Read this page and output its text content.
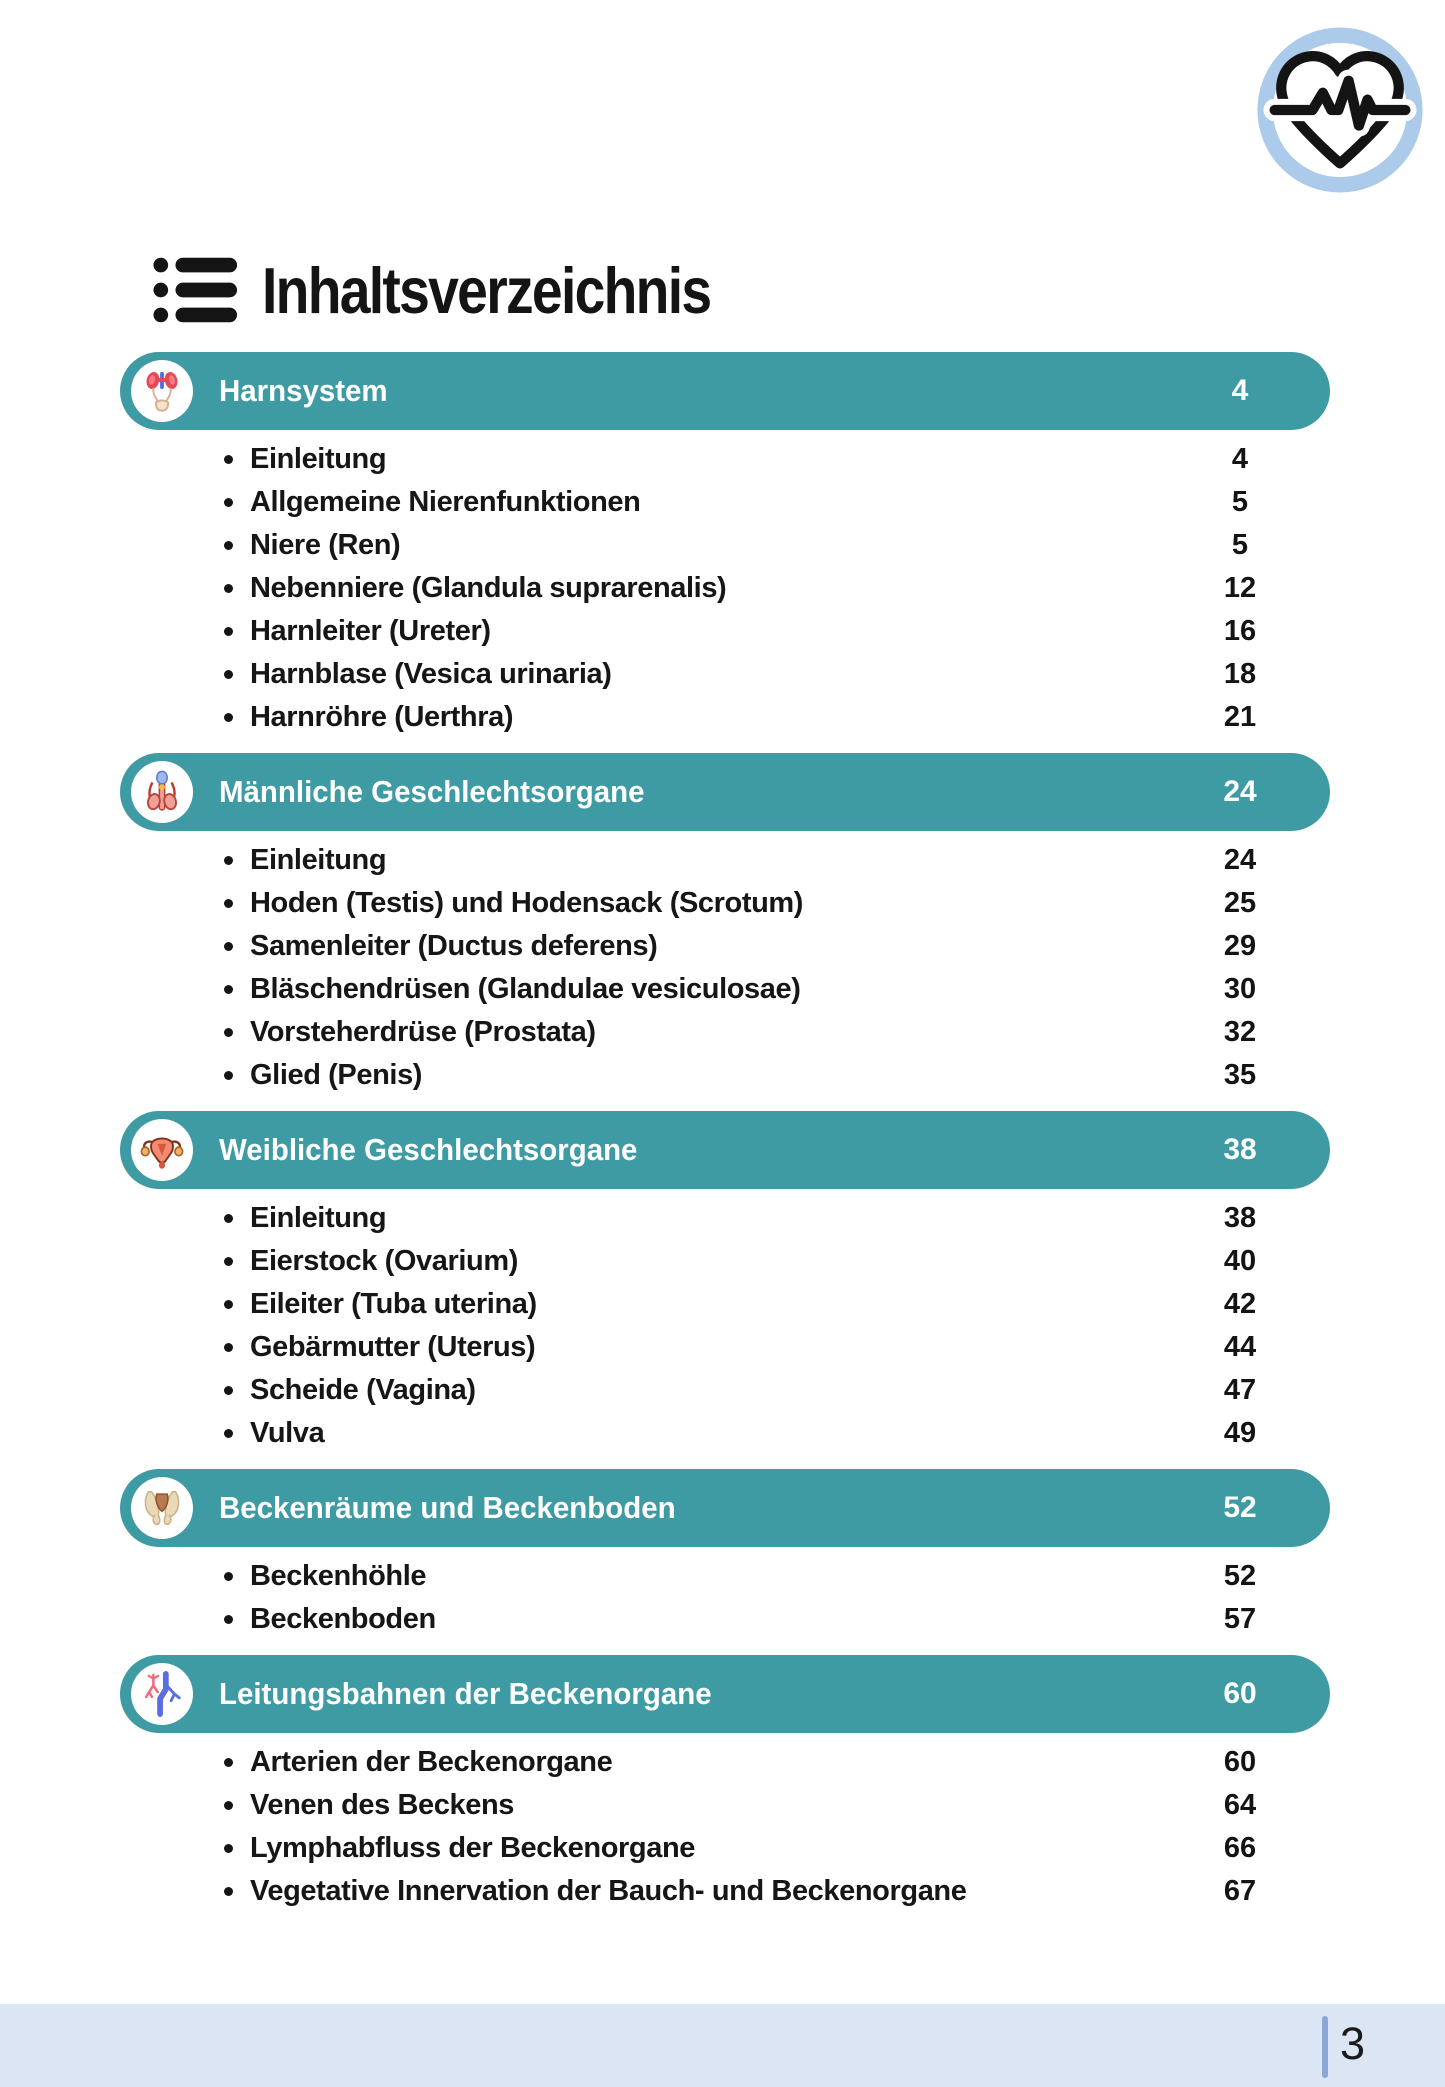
Inhaltsverzeichnis
Harnsystem	4
Einleitung	4
Allgemeine Nierenfunktionen	5
Niere (Ren)	5
Nebenniere (Glandula suprarenalis)	12
Harnleiter (Ureter)	16
Harnblase (Vesica urinaria)	18
Harnröhre (Uerthra)	21
Männliche Geschlechtsorgane	24
Einleitung	24
Hoden (Testis) und Hodensack (Scrotum)	25
Samenleiter (Ductus deferens)	29
Bläschendrüsen (Glandulae vesiculosae)	30
Vorsteherdrüse (Prostata)	32
Glied (Penis)	35
Weibliche Geschlechtsorgane	38
Einleitung	38
Eierstock (Ovarium)	40
Eileiter (Tuba uterina)	42
Gebärmutter (Uterus)	44
Scheide (Vagina)	47
Vulva	49
Beckenräume und Beckenboden	52
Beckenhöhle	52
Beckenboden	57
Leitungsbahnen der Beckenorgane	60
Arterien der Beckenorgane	60
Venen des Beckens	64
Lymphabfluss der Beckenorgane	66
Vegetative Innervation der Bauch- und Beckenorgane	67
3
